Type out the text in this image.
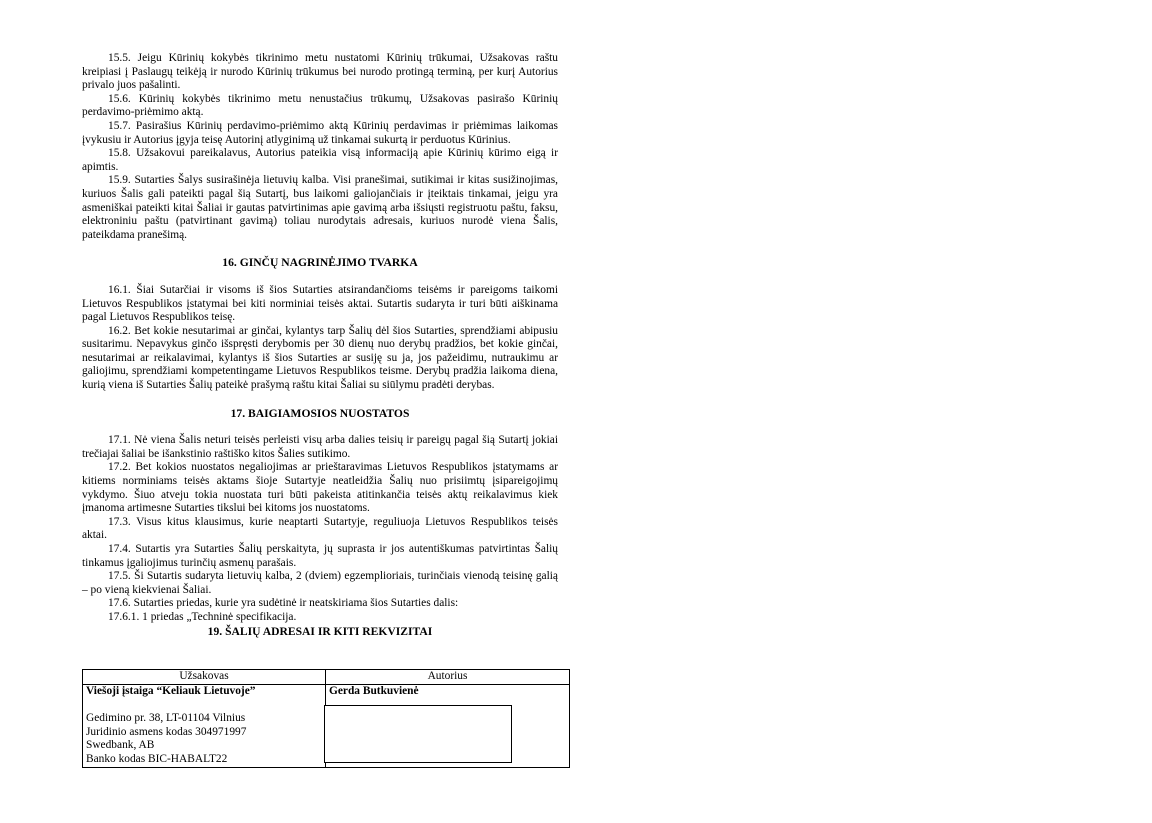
15.5. Jeigu Kūrinių kokybės tikrinimo metu nustatomi Kūrinių trūkumai, Užsakovas raštu kreipiasi į Paslaugų teikėją ir nurodo Kūrinių trūkumus bei nurodo protingą terminą, per kurį Autorius privalo juos pašalinti.

15.6. Kūrinių kokybės tikrinimo metu nenustačius trūkumų, Užsakovas pasirašo Kūrinių perdavimo-priėmimo aktą.

15.7. Pasirašius Kūrinių perdavimo-priėmimo aktą Kūrinių perdavimas ir priėmimas laikomas įvykusiu ir Autorius įgyja teisę Autorinį atlyginimą už tinkamai sukurtą ir perduotus Kūrinius.

15.8. Užsakovui pareikalavus, Autorius pateikia visą informaciją apie Kūrinių kūrimo eigą ir apimtis.

15.9. Sutarties Šalys susirašinėja lietuvių kalba. Visi pranešimai, sutikimai ir kitas susižinojimas, kuriuos Šalis gali pateikti pagal šią Sutartį, bus laikomi galiojančiais ir įteiktais tinkamai, jeigu yra asmeniškai pateikti kitai Šaliai ir gautas patvirtinimas apie gavimą arba išsiųsti registruotu paštu, faksu, elektroniniu paštu (patvirtinant gavimą) toliau nurodytais adresais, kuriuos nurodė viena Šalis, pateikdama pranešimą.

16. GINČŲ NAGRINĖJIMO TVARKA

16.1. Šiai Sutarčiai ir visoms iš šios Sutarties atsirandančioms teisėms ir pareigoms taikomi Lietuvos Respublikos įstatymai bei kiti norminiai teisės aktai. Sutartis sudaryta ir turi būti aiškinama pagal Lietuvos Respublikos teisę.

16.2. Bet kokie nesutarimai ar ginčai, kylantys tarp Šalių dėl šios Sutarties, sprendžiami abipusiu susitarimu. Nepavykus ginčo išspręsti derybomis per 30 dienų nuo derybų pradžios, bet kokie ginčai, nesutarimai ar reikalavimai, kylantys iš šios Sutarties ar susiję su ja, jos pažeidimu, nutraukimu ar galiojimu, sprendžiami kompetentingame Lietuvos Respublikos teisme. Derybų pradžia laikoma diena, kurią viena iš Sutarties Šalių pateikė prašymą raštu kitai Šaliai su siūlymu pradėti derybas.

17. BAIGIAMOSIOS NUOSTATOS

17.1. Nė viena Šalis neturi teisės perleisti visų arba dalies teisių ir pareigų pagal šią Sutartį jokiai trečiajai šaliai be išankstinio raštiško kitos Šalies sutikimo.

17.2. Bet kokios nuostatos negaliojimas ar prieštaravimas Lietuvos Respublikos įstatymams ar kitiems norminiams teisės aktams šioje Sutartyje neatleidžia Šalių nuo prisiimtų įsipareigojimų vykdymo. Šiuo atveju tokia nuostata turi būti pakeista atitinkančia teisės aktų reikalavimus kiek įmanoma artimesne Sutarties tikslui bei kitoms jos nuostatoms.

17.3. Visus kitus klausimus, kurie neaptarti Sutartyje, reguliuoja Lietuvos Respublikos teisės aktai.

17.4. Sutartis yra Sutarties Šalių perskaityta, jų suprasta ir jos autentiškumas patvirtintas Šalių tinkamus įgaliojimus turinčių asmenų parašais.

17.5. Ši Sutartis sudaryta lietuvių kalba, 2 (dviem) egzemplioriais, turinčiais vienodą teisinę galią – po vieną kiekvienai Šaliai.

17.6. Sutarties priedas, kurie yra sudėtinė ir neatskiriama šios Sutarties dalis:

17.6.1. 1 priedas „Techninė specifikacija.

19. ŠALIŲ ADRESAI IR KITI REKVIZITAI
Užsakovas	Autorius

Viešoji įstaiga “Keliauk Lietuvoje”
Gedimino pr. 38, LT-01104 Vilnius
Juridinio asmens kodas 304971997
Swedbank, AB
Banko kodas BIC-HABALT22	Gerda Butkuvienė
